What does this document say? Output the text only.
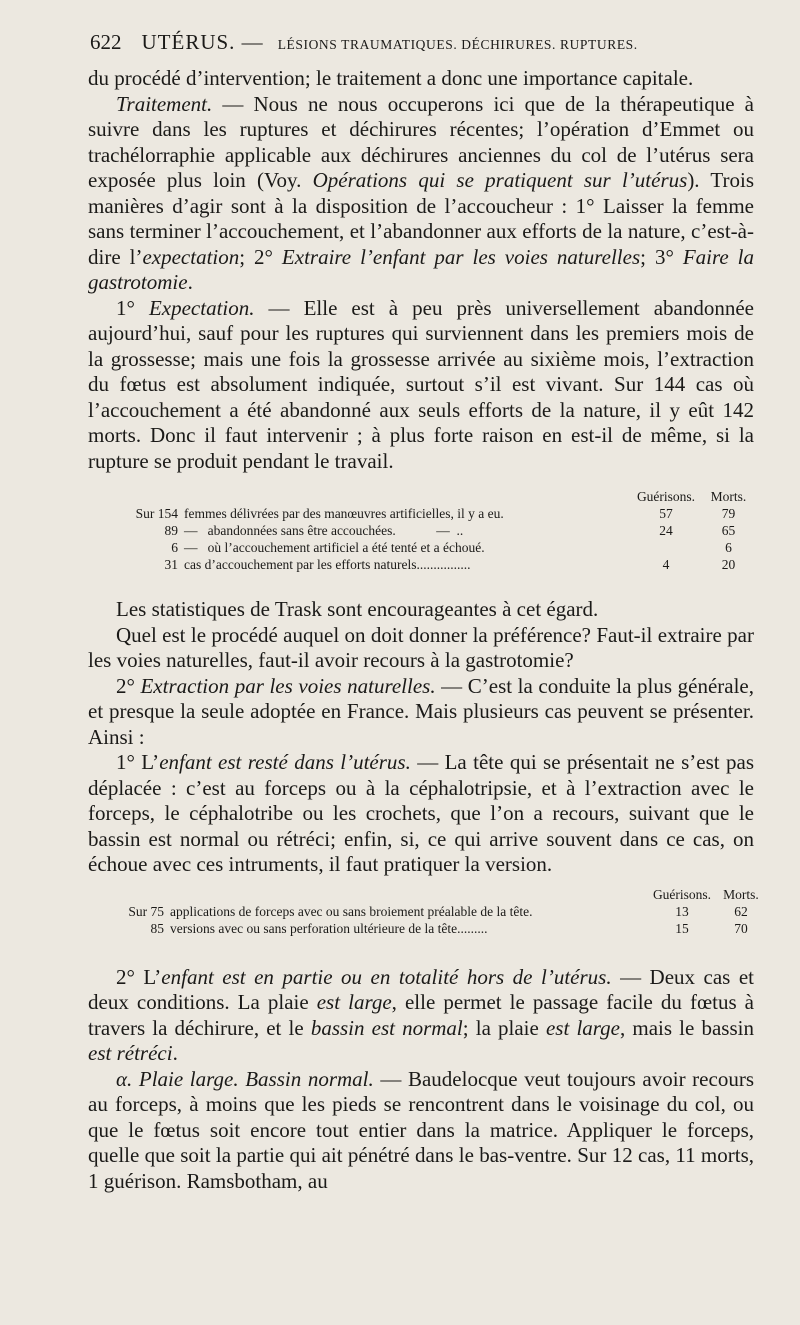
622 UTÉRUS. — LÉSIONS TRAUMATIQUES. DÉCHIRURES. RUPTURES.

du procédé d’intervention; le traitement a donc une importance capitale.

Traitement. — Nous ne nous occuperons ici que de la thérapeutique à suivre dans les ruptures et déchirures récentes; l’opération d’Emmet ou trachélorraphie applicable aux déchirures anciennes du col de l’utérus sera exposée plus loin (Voy. Opérations qui se pratiquent sur l’utérus). Trois manières d’agir sont à la disposition de l’accoucheur : 1° Laisser la femme sans terminer l’accouchement, et l’abandonner aux efforts de la nature, c’est-à-dire l’expectation; 2° Extraire l’enfant par les voies naturelles; 3° Faire la gastrotomie.

1° Expectation. — Elle est à peu près universellement abandonnée aujourd’hui, sauf pour les ruptures qui surviennent dans les premiers mois de la grossesse; mais une fois la grossesse arrivée au sixième mois, l’extraction du fœtus est absolument indiquée, surtout s’il est vivant. Sur 144 cas où l’accouchement a été abandonné aux seuls efforts de la nature, il y eût 142 morts. Donc il faut intervenir ; à plus forte raison en est-il de même, si la rupture se produit pendant le travail.

		Guérisons.	Morts.
Sur 154	femmes délivrées par des manœuvres artificielles, il y a eu.	57	79
89	—   abandonnées sans être accouchées.            —  ..	24	65
6	—   où l’accouchement artificiel a été tenté et a échoué.		6
31	cas d’accouchement par les efforts naturels................	4	20

Les statistiques de Trask sont encourageantes à cet égard.

Quel est le procédé auquel on doit donner la préférence? Faut-il extraire par les voies naturelles, faut-il avoir recours à la gastrotomie?

2° Extraction par les voies naturelles. — C’est la conduite la plus générale, et presque la seule adoptée en France. Mais plusieurs cas peuvent se présenter. Ainsi :

1° L’enfant est resté dans l’utérus. — La tête qui se présentait ne s’est pas déplacée : c’est au forceps ou à la céphalotripsie, et à l’extraction avec le forceps, le céphalotribe ou les crochets, que l’on a recours, suivant que le bassin est normal ou rétréci; enfin, si, ce qui arrive souvent dans ce cas, on échoue avec ces intruments, il faut pratiquer la version.

		Guérisons.	Morts.
Sur 75	applications de forceps avec ou sans broiement préalable de la tête.	13	62
85	versions avec ou sans perforation ultérieure de la tête.........	15	70

2° L’enfant est en partie ou en totalité hors de l’utérus. — Deux cas et deux conditions. La plaie est large, elle permet le passage facile du fœtus à travers la déchirure, et le bassin est normal; la plaie est large, mais le bassin est rétréci.

α. Plaie large. Bassin normal. — Baudelocque veut toujours avoir recours au forceps, à moins que les pieds se rencontrent dans le voisinage du col, ou que le fœtus soit encore tout entier dans la matrice. Appliquer le forceps, quelle que soit la partie qui ait pénétré dans le bas-ventre. Sur 12 cas, 11 morts, 1 guérison. Ramsbotham, au
